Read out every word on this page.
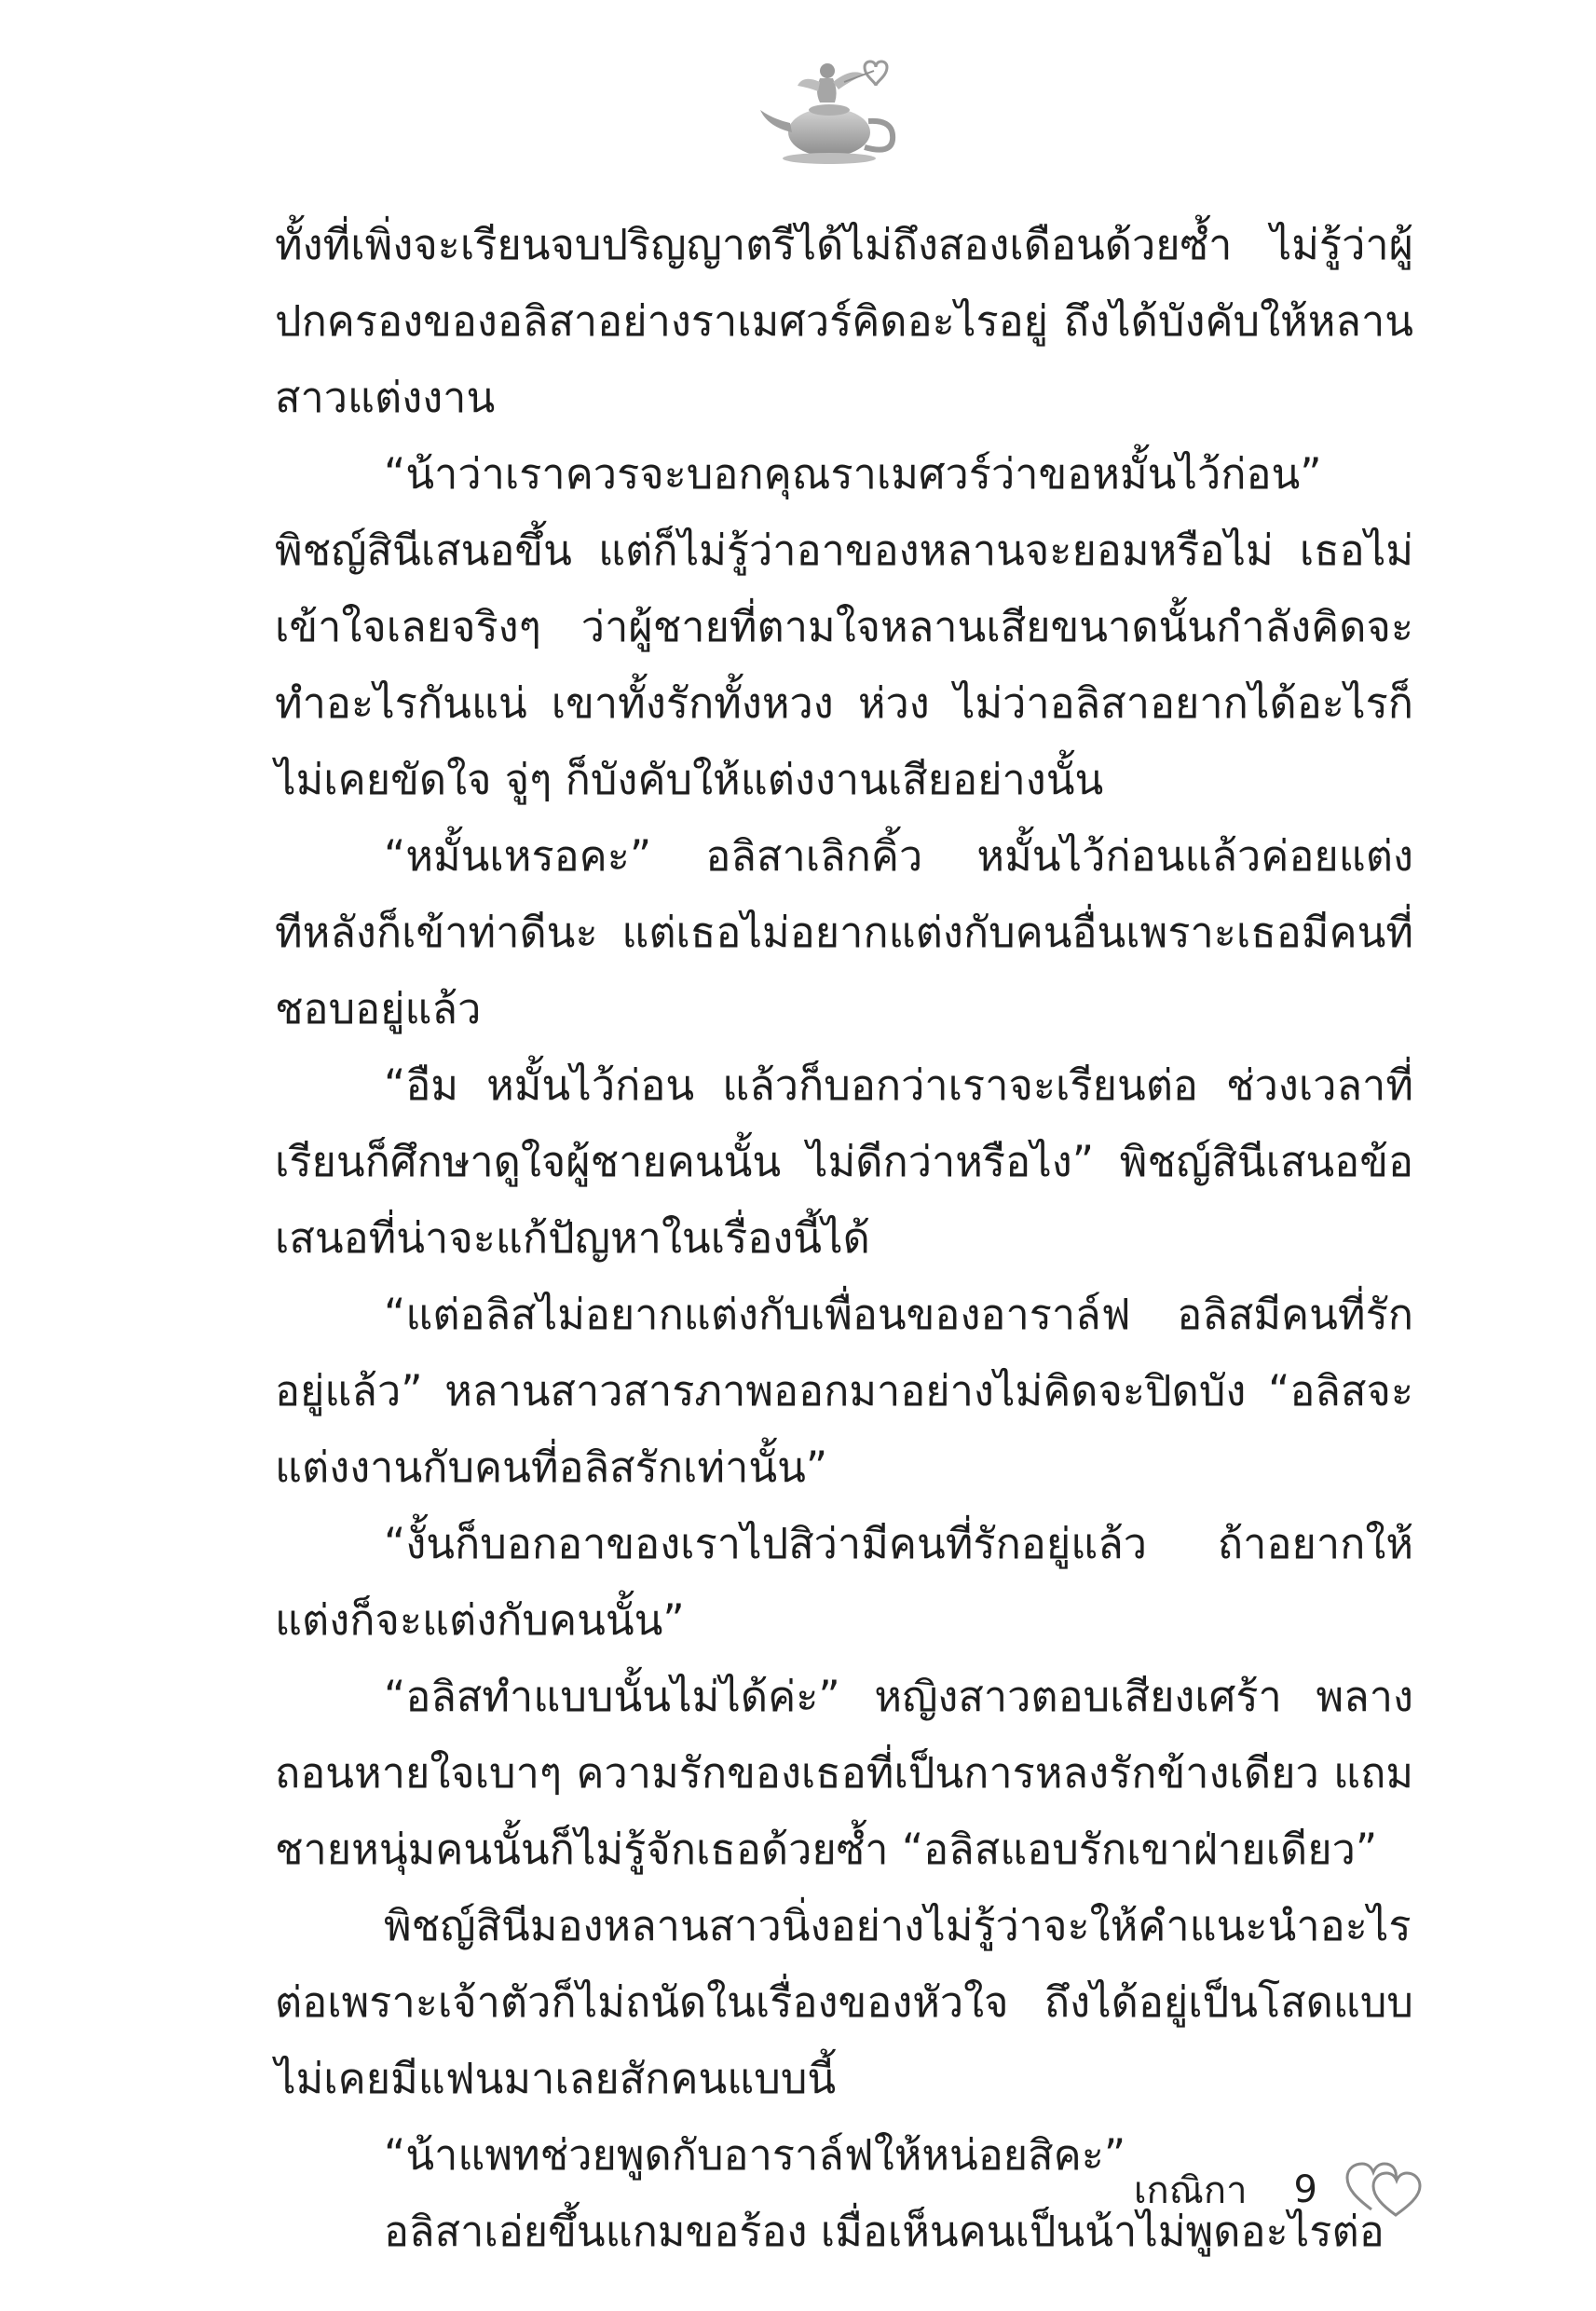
ทั้งที่เพิ่งจะเรียนจบปริญญาตรีได้ไม่ถึงสองเดือนด้วยซ้ำ ไม่รู้ว่าผู้ปกครองของอลิสาอย่างราเมศวร์คิดอะไรอยู่ ถึงได้บังคับให้หลานสาวแต่งงาน

“น้าว่าเราควรจะบอกคุณราเมศวร์ว่าขอหมั้นไว้ก่อน” พิชญ์สินีเสนอขึ้น แต่ก็ไม่รู้ว่าอาของหลานจะยอมหรือไม่ เธอไม่เข้าใจเลยจริงๆ ว่าผู้ชายที่ตามใจหลานเสียขนาดนั้นกำลังคิดจะทำอะไรกันแน่ เขาทั้งรักทั้งหวง ห่วง ไม่ว่าอลิสาอยากได้อะไรก็ไม่เคยขัดใจ จู่ๆ ก็บังคับให้แต่งงานเสียอย่างนั้น

“หมั้นเหรอคะ” อลิสาเลิกคิ้ว หมั้นไว้ก่อนแล้วค่อยแต่งทีหลังก็เข้าท่าดีนะ แต่เธอไม่อยากแต่งกับคนอื่นเพราะเธอมีคนที่ชอบอยู่แล้ว

“อืม หมั้นไว้ก่อน แล้วก็บอกว่าเราจะเรียนต่อ ช่วงเวลาที่เรียนก็ศึกษาดูใจผู้ชายคนนั้น ไม่ดีกว่าหรือไง” พิชญ์สินีเสนอข้อเสนอที่น่าจะแก้ปัญหาในเรื่องนี้ได้

“แต่อลิสไม่อยากแต่งกับเพื่อนของอาราล์ฟ อลิสมีคนที่รักอยู่แล้ว” หลานสาวสารภาพออกมาอย่างไม่คิดจะปิดบัง “อลิสจะแต่งงานกับคนที่อลิสรักเท่านั้น”

“งั้นก็บอกอาของเราไปสิว่ามีคนที่รักอยู่แล้ว ถ้าอยากให้แต่งก็จะแต่งกับคนนั้น”

“อลิสทำแบบนั้นไม่ได้ค่ะ” หญิงสาวตอบเสียงเศร้า พลางถอนหายใจเบาๆ ความรักของเธอที่เป็นการหลงรักข้างเดียว แถมชายหนุ่มคนนั้นก็ไม่รู้จักเธอด้วยซ้ำ “อลิสแอบรักเขาฝ่ายเดียว”

พิชญ์สินีมองหลานสาวนิ่งอย่างไม่รู้ว่าจะให้คำแนะนำอะไรต่อเพราะเจ้าตัวก็ไม่ถนัดในเรื่องของหัวใจ ถึงได้อยู่เป็นโสดแบบไม่เคยมีแฟนมาเลยสักคนแบบนี้

“น้าแพทช่วยพูดกับอาราล์ฟให้หน่อยสิคะ”

อลิสาเอ่ยขึ้นแกมขอร้อง เมื่อเห็นคนเป็นน้าไม่พูดอะไรต่อ

เกณิกา 9
